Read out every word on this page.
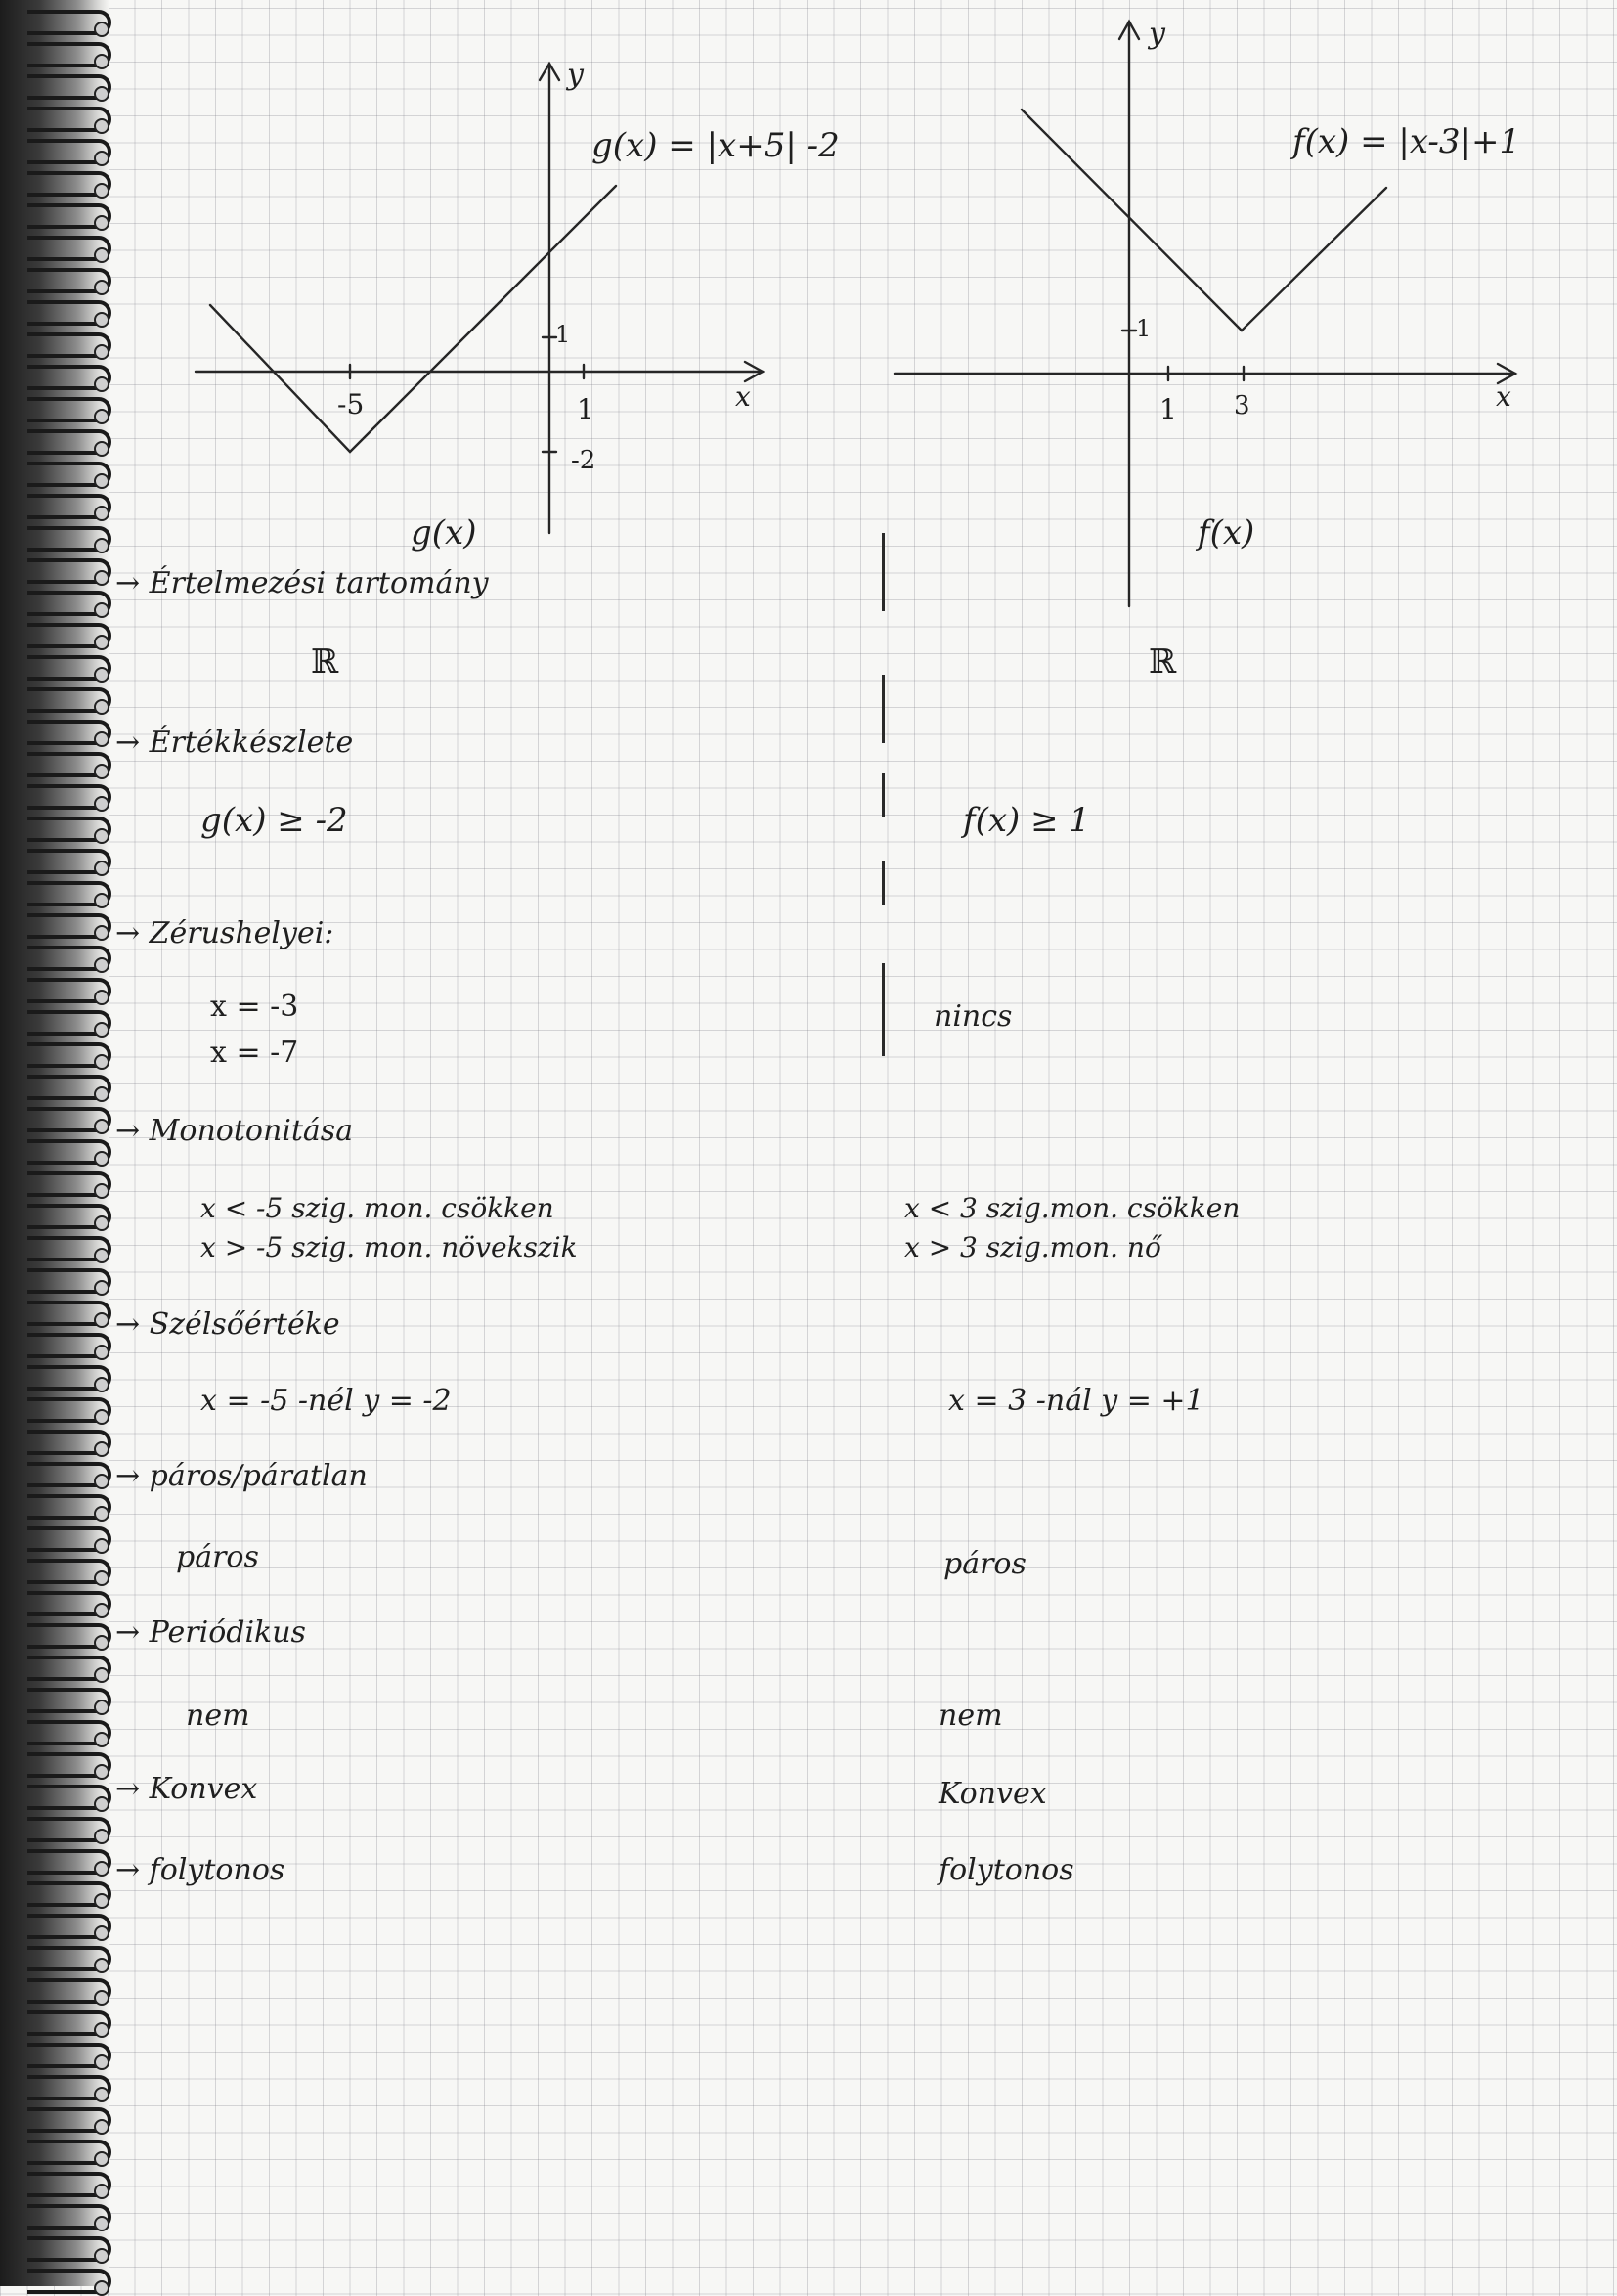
g(x) = |x+5| -2
y
x
-5	1
1
-2
g(x)
f(x) = |x-3|+1
y
x
1 3
1
f(x)
→ Értelmezési tartomány
ℝ	ℝ
→ Értékkészlete
g(x) ≥ -2	f(x) ≥ 1
→ Zérushelyei:
x = -3
x = -7
nincs
→ Monotonitása
x < -5 szig. mon. csökken
x > -5 szig. mon. növekszik
x < 3 szig.mon. csökken
x > 3 szig.mon. nő
→ Szélsőértéke
x = -5 -nél y = -2	x = 3 -nál y = +1
→ páros/páratlan
páros	páros
→ Periódikus
nem	nem
→ Konvex	Konvex
→ folytonos	folytonos
